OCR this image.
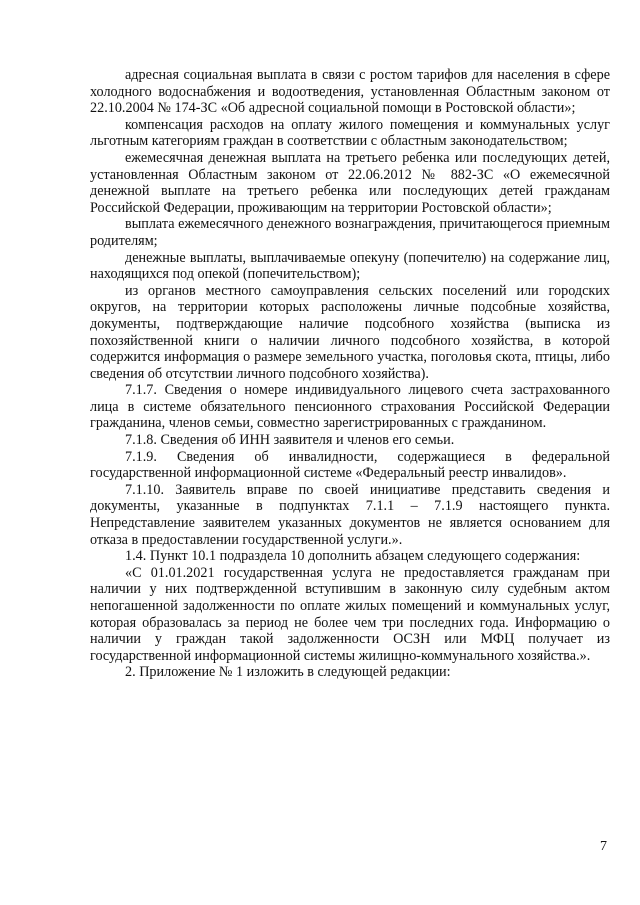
адресная социальная выплата в связи с ростом тарифов для населения в сфере холодного водоснабжения и водоотведения, установленная Областным законом от 22.10.2004 № 174-ЗС «Об адресной социальной помощи в Ростовской области»;

компенсация расходов на оплату жилого помещения и коммунальных услуг льготным категориям граждан в соответствии с областным законодательством;

ежемесячная денежная выплата на третьего ребенка или последующих детей, установленная Областным законом от 22.06.2012 № 882-ЗС «О ежемесячной денежной выплате на третьего ребенка или последующих детей гражданам Российской Федерации, проживающим на территории Ростовской области»;

выплата ежемесячного денежного вознаграждения, причитающегося приемным родителям;

денежные выплаты, выплачиваемые опекуну (попечителю) на содержание лиц, находящихся под опекой (попечительством);

из органов местного самоуправления сельских поселений или городских округов, на территории которых расположены личные подсобные хозяйства, документы, подтверждающие наличие подсобного хозяйства (выписка из похозяйственной книги о наличии личного подсобного хозяйства, в которой содержится информация о размере земельного участка, поголовья скота, птицы, либо сведения об отсутствии личного подсобного хозяйства).

7.1.7. Сведения о номере индивидуального лицевого счета застрахованного лица в системе обязательного пенсионного страхования Российской Федерации гражданина, членов семьи, совместно зарегистрированных с гражданином.

7.1.8. Сведения об ИНН заявителя и членов его семьи.

7.1.9. Сведения об инвалидности, содержащиеся в федеральной государственной информационной системе «Федеральный реестр инвалидов».

7.1.10. Заявитель вправе по своей инициативе представить сведения и документы, указанные в подпунктах 7.1.1 – 7.1.9 настоящего пункта. Непредставление заявителем указанных документов не является основанием для отказа в предоставлении государственной услуги.».

1.4. Пункт 10.1 подраздела 10 дополнить абзацем следующего содержания:

«С 01.01.2021 государственная услуга не предоставляется гражданам при наличии у них подтвержденной вступившим в законную силу судебным актом непогашенной задолженности по оплате жилых помещений и коммунальных услуг, которая образовалась за период не более чем три последних года. Информацию о наличии у граждан такой задолженности ОСЗН или МФЦ получает из государственной информационной системы жилищно-коммунального хозяйства.».

2. Приложение № 1 изложить в следующей редакции:

7
